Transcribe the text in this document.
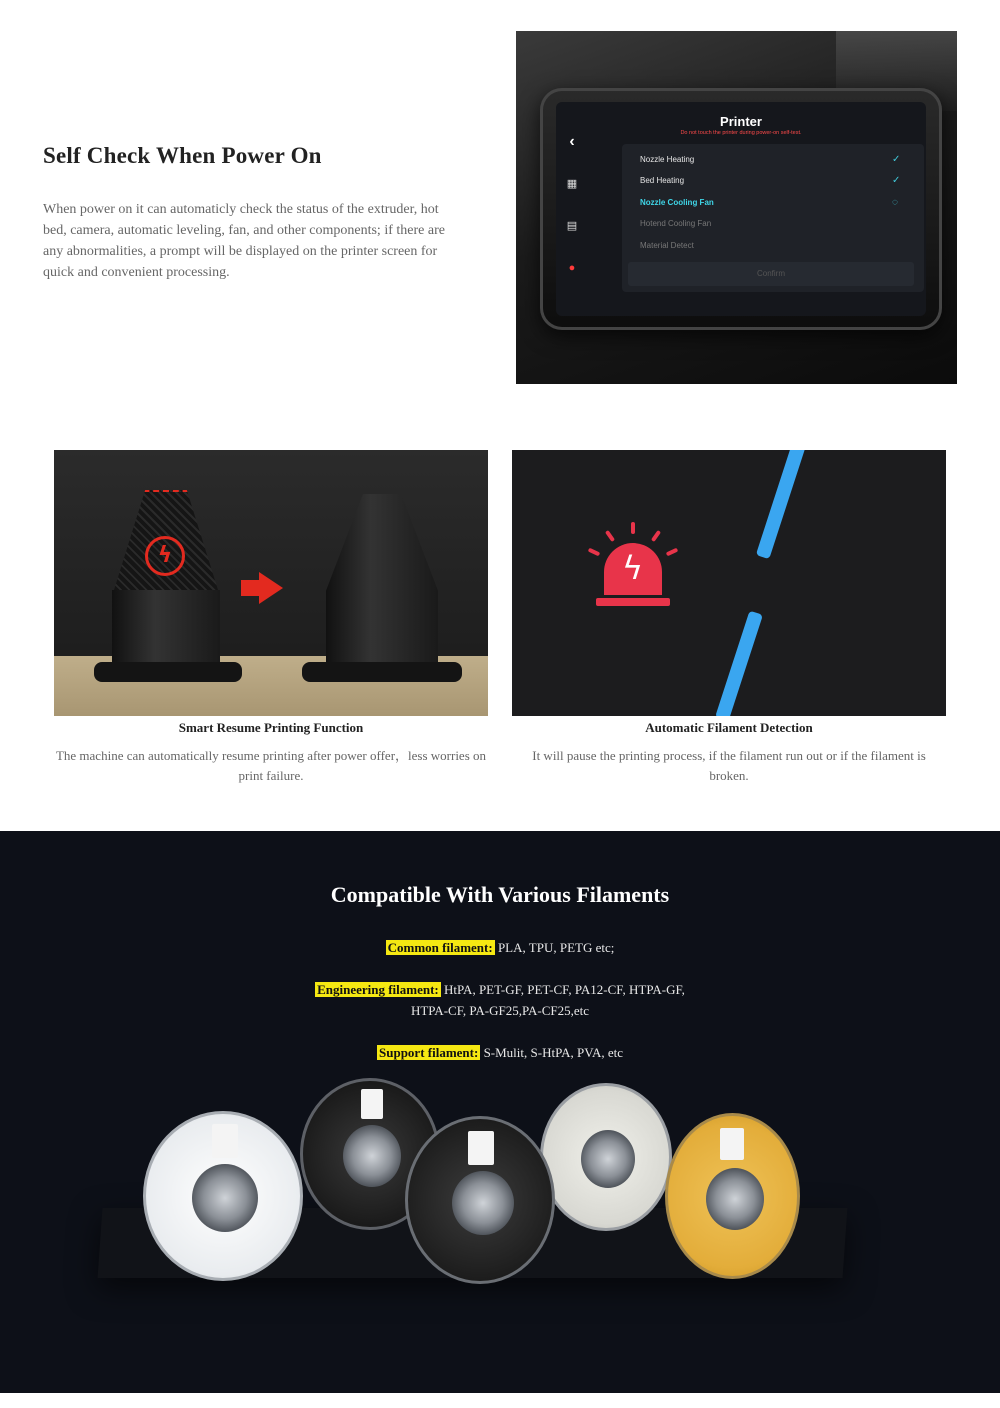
Self Check When Power On

When power on it can automaticly check the status of the extruder, hot bed, camera, automatic leveling, fan, and other components; if there are any abnormalities, a prompt will be displayed on the printer screen for quick and convenient processing.

Printer
Do not touch the printer during power-on self-test.
‹
▦
▤
●
Nozzle Heating	✓
Bed Heating	✓
Nozzle Cooling Fan	◌
Hotend Cooling Fan
Material Detect
Confirm
ϟ	ϟ
Smart Resume Printing Function
The machine can automatically resume printing after power offer，less worries on print failure.
Automatic Filament Detection
It will pause the printing process, if the filament run out or if the filament is broken.
Compatible With Various Filaments
Common filament: PLA, TPU, PETG etc;
Engineering filament: HtPA, PET-GF, PET-CF, PA12-CF, HTPA-GF,
HTPA-CF, PA-GF25,PA-CF25,etc
Support filament: S-Mulit, S-HtPA, PVA, etc
